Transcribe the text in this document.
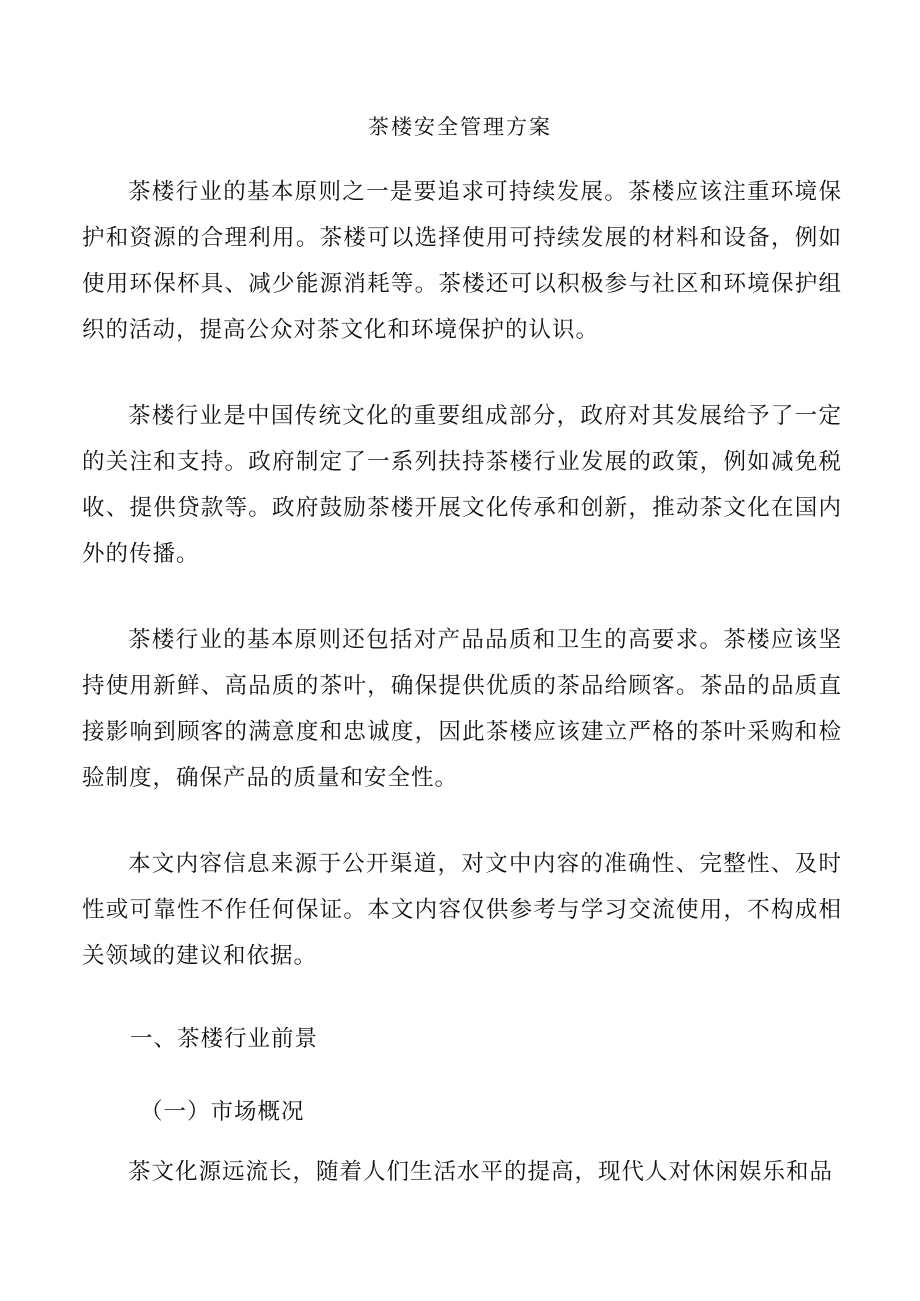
茶楼安全管理方案

茶楼行业的基本原则之一是要追求可持续发展。茶楼应该注重环境保护和资源的合理利用。茶楼可以选择使用可持续发展的材料和设备，例如使用环保杯具、减少能源消耗等。茶楼还可以积极参与社区和环境保护组织的活动，提高公众对茶文化和环境保护的认识。

茶楼行业是中国传统文化的重要组成部分，政府对其发展给予了一定的关注和支持。政府制定了一系列扶持茶楼行业发展的政策，例如减免税收、提供贷款等。政府鼓励茶楼开展文化传承和创新，推动茶文化在国内外的传播。

茶楼行业的基本原则还包括对产品品质和卫生的高要求。茶楼应该坚持使用新鲜、高品质的茶叶，确保提供优质的茶品给顾客。茶品的品质直接影响到顾客的满意度和忠诚度，因此茶楼应该建立严格的茶叶采购和检验制度，确保产品的质量和安全性。

本文内容信息来源于公开渠道，对文中内容的准确性、完整性、及时性或可靠性不作任何保证。本文内容仅供参考与学习交流使用，不构成相关领域的建议和依据。

一、茶楼行业前景

（一）市场概况

茶文化源远流长，随着人们生活水平的提高，现代人对休闲娱乐和品
